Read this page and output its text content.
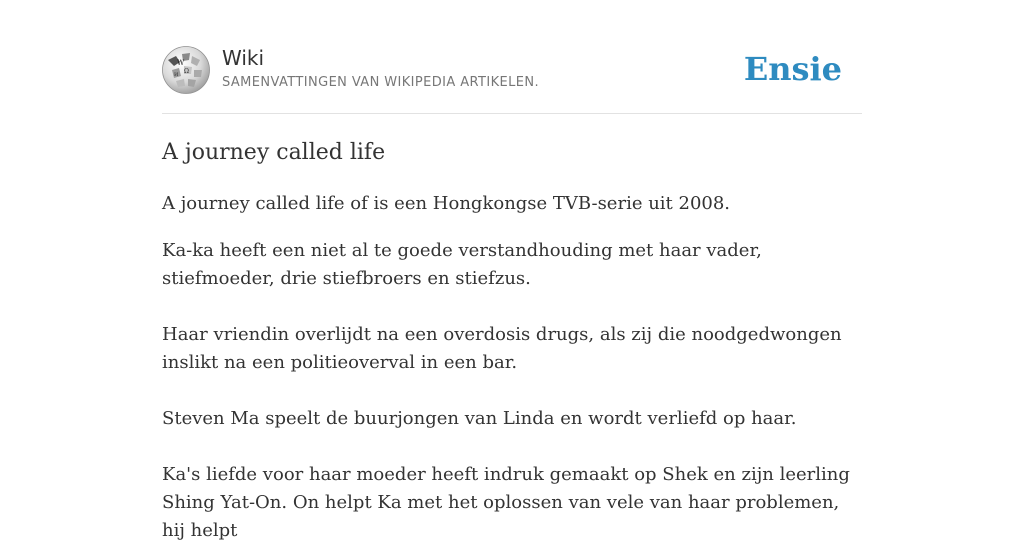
W
Ω
И
Wiki
SAMENVATTINGEN VAN WIKIPEDIA ARTIKELEN.	Ensie
A journey called life

A journey called life of is een Hongkongse TVB-serie uit 2008.

Ka-ka heeft een niet al te goede verstandhouding met haar vader, stiefmoeder, drie stiefbroers en stiefzus.

Haar vriendin overlijdt na een overdosis drugs, als zij die noodgedwongen inslikt na een politieoverval in een bar.

Steven Ma speelt de buurjongen van Linda en wordt verliefd op haar.

Ka's liefde voor haar moeder heeft indruk gemaakt op Shek en zijn leerling Shing Yat-On. On helpt Ka met het oplossen van vele van haar problemen, hij helpt
